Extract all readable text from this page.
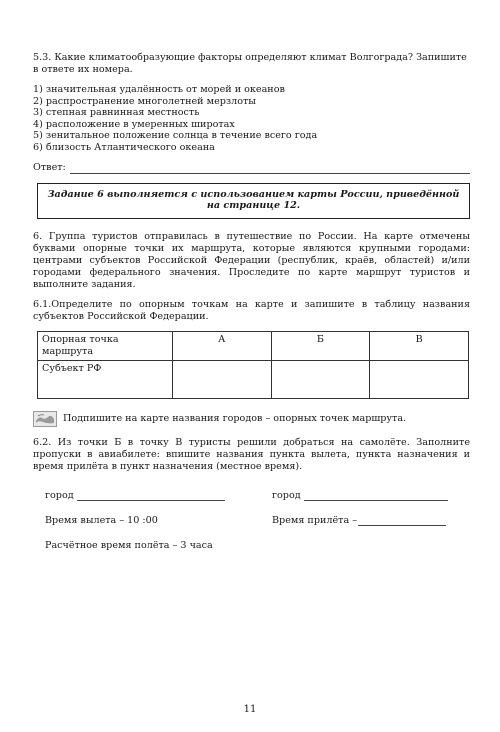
5.3. Какие климатообразующие факторы определяют климат Волгограда? Запишите в ответе их номера.
1) значительная удалённость от морей и океанов
2) распространение многолетней мерзлоты
3) степная равнинная местность
4) расположение в умеренных широтах
5) зенитальное положение солнца в течение всего года
6) близость Атлантического океана
Ответ:
Задание 6 выполняется с использованием карты России, приведённой
на странице 12.
6. Группа туристов отправилась в путешествие по России. На карте отмечены буквами опорные точки их маршрута, которые являются крупными городами: центрами субъектов Российской Федерации (республик, краёв, областей) и/или городами федерального значения. Проследите по карте маршрут туристов и выполните задания.
6.1.Определите по опорным точкам на карте и запишите в таблицу названия субъектов Российской Федерации.
Опорная точка маршрута	А	Б	В
Субъект РФ			
Подпишите на карте названия городов – опорных точек маршрута.
6.2. Из точки Б в точку В туристы решили добраться на самолёте. Заполните пропуски в авиабилете: впишите названия пункта вылета, пункта назначения и время прилёта в пункт назначения (местное время).
город	город
Время вылета – 10 :00	Время прилёта –
Расчётное время полёта – 3 часа
11
